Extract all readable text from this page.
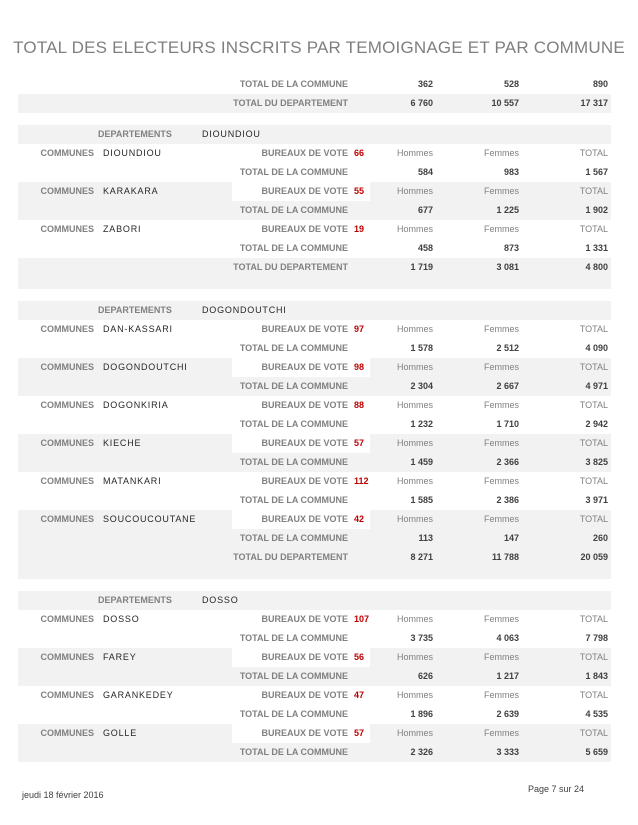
TOTAL DES ELECTEURS INSCRITS PAR TEMOIGNAGE ET PAR COMMUNE
TOTAL DE LA COMMUNE	362	528	890
TOTAL DU DEPARTEMENT	6 760	10 557	17 317
DEPARTEMENTS	DIOUNDIOU
COMMUNES DIOUNDIOU	BUREAUX DE VOTE 66	Hommes	Femmes	TOTAL
TOTAL DE LA COMMUNE	584	983	1 567
COMMUNES KARAKARA	BUREAUX DE VOTE 55	Hommes	Femmes	TOTAL
TOTAL DE LA COMMUNE	677	1 225	1 902
COMMUNES ZABORI	BUREAUX DE VOTE 19	Hommes	Femmes	TOTAL
TOTAL DE LA COMMUNE	458	873	1 331
TOTAL DU DEPARTEMENT	1 719	3 081	4 800
DEPARTEMENTS	DOGONDOUTCHI
COMMUNES DAN-KASSARI	BUREAUX DE VOTE 97	Hommes	Femmes	TOTAL
TOTAL DE LA COMMUNE	1 578	2 512	4 090
COMMUNES DOGONDOUTCHI	BUREAUX DE VOTE 98	Hommes	Femmes	TOTAL
TOTAL DE LA COMMUNE	2 304	2 667	4 971
COMMUNES DOGONKIRIA	BUREAUX DE VOTE 88	Hommes	Femmes	TOTAL
TOTAL DE LA COMMUNE	1 232	1 710	2 942
COMMUNES KIECHE	BUREAUX DE VOTE 57	Hommes	Femmes	TOTAL
TOTAL DE LA COMMUNE	1 459	2 366	3 825
COMMUNES MATANKARI	BUREAUX DE VOTE 112	Hommes	Femmes	TOTAL
TOTAL DE LA COMMUNE	1 585	2 386	3 971
COMMUNES SOUCOUCOUTANE	BUREAUX DE VOTE 42	Hommes	Femmes	TOTAL
TOTAL DE LA COMMUNE	113	147	260
TOTAL DU DEPARTEMENT	8 271	11 788	20 059
DEPARTEMENTS	DOSSO
COMMUNES DOSSO	BUREAUX DE VOTE 107	Hommes	Femmes	TOTAL
TOTAL DE LA COMMUNE	3 735	4 063	7 798
COMMUNES FAREY	BUREAUX DE VOTE 56	Hommes	Femmes	TOTAL
TOTAL DE LA COMMUNE	626	1 217	1 843
COMMUNES GARANKEDEY	BUREAUX DE VOTE 47	Hommes	Femmes	TOTAL
TOTAL DE LA COMMUNE	1 896	2 639	4 535
COMMUNES GOLLE	BUREAUX DE VOTE 57	Hommes	Femmes	TOTAL
TOTAL DE LA COMMUNE	2 326	3 333	5 659
jeudi 18 février 2016
Page 7 sur 24
